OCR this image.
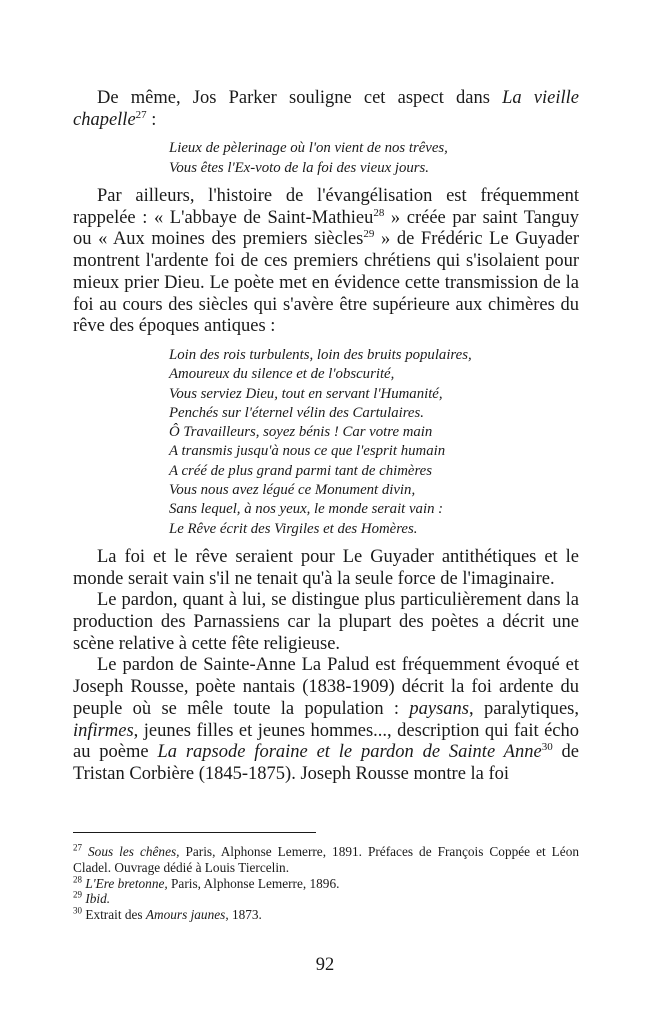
De même, Jos Parker souligne cet aspect dans La vieille chapelle$^{27}$ :

Lieux de pèlerinage où l'on vient de nos trêves,
Vous êtes l'Ex-voto de la foi des vieux jours.

Par ailleurs, l'histoire de l'évangélisation est fréquemment rappelée : « L'abbaye de Saint-Mathieu$^{28}$ » créée par saint Tanguy ou « Aux moines des premiers siècles$^{29}$ » de Frédéric Le Guyader montrent l'ardente foi de ces premiers chrétiens qui s'isolaient pour mieux prier Dieu. Le poète met en évidence cette transmission de la foi au cours des siècles qui s'avère être supérieure aux chimères du rêve des époques antiques :

Loin des rois turbulents, loin des bruits populaires,
Amoureux du silence et de l'obscurité,
Vous serviez Dieu, tout en servant l'Humanité,
Penchés sur l'éternel vélin des Cartulaires.
Ô Travailleurs, soyez bénis ! Car votre main
A transmis jusqu'à nous ce que l'esprit humain
A créé de plus grand parmi tant de chimères
Vous nous avez légué ce Monument divin,
Sans lequel, à nos yeux, le monde serait vain :
Le Rêve écrit des Virgiles et des Homères.

La foi et le rêve seraient pour Le Guyader antithétiques et le monde serait vain s'il ne tenait qu'à la seule force de l'imaginaire.

Le pardon, quant à lui, se distingue plus particulièrement dans la production des Parnassiens car la plupart des poètes a décrit une scène relative à cette fête religieuse.

Le pardon de Sainte-Anne La Palud est fréquemment évoqué et Joseph Rousse, poète nantais (1838-1909) décrit la foi ardente du peuple où se mêle toute la population : paysans, paralytiques, infirmes, jeunes filles et jeunes hommes..., description qui fait écho au poème La rapsode foraine et le pardon de Sainte Anne$^{30}$ de Tristan Corbière (1845-1875). Joseph Rousse montre la foi

$^{27}$ Sous les chênes, Paris, Alphonse Lemerre, 1891. Préfaces de François Coppée et Léon Cladel. Ouvrage dédié à Louis Tiercelin.

$^{28}$ L'Ere bretonne, Paris, Alphonse Lemerre, 1896.

$^{29}$ Ibid.

$^{30}$ Extrait des Amours jaunes, 1873.

92
